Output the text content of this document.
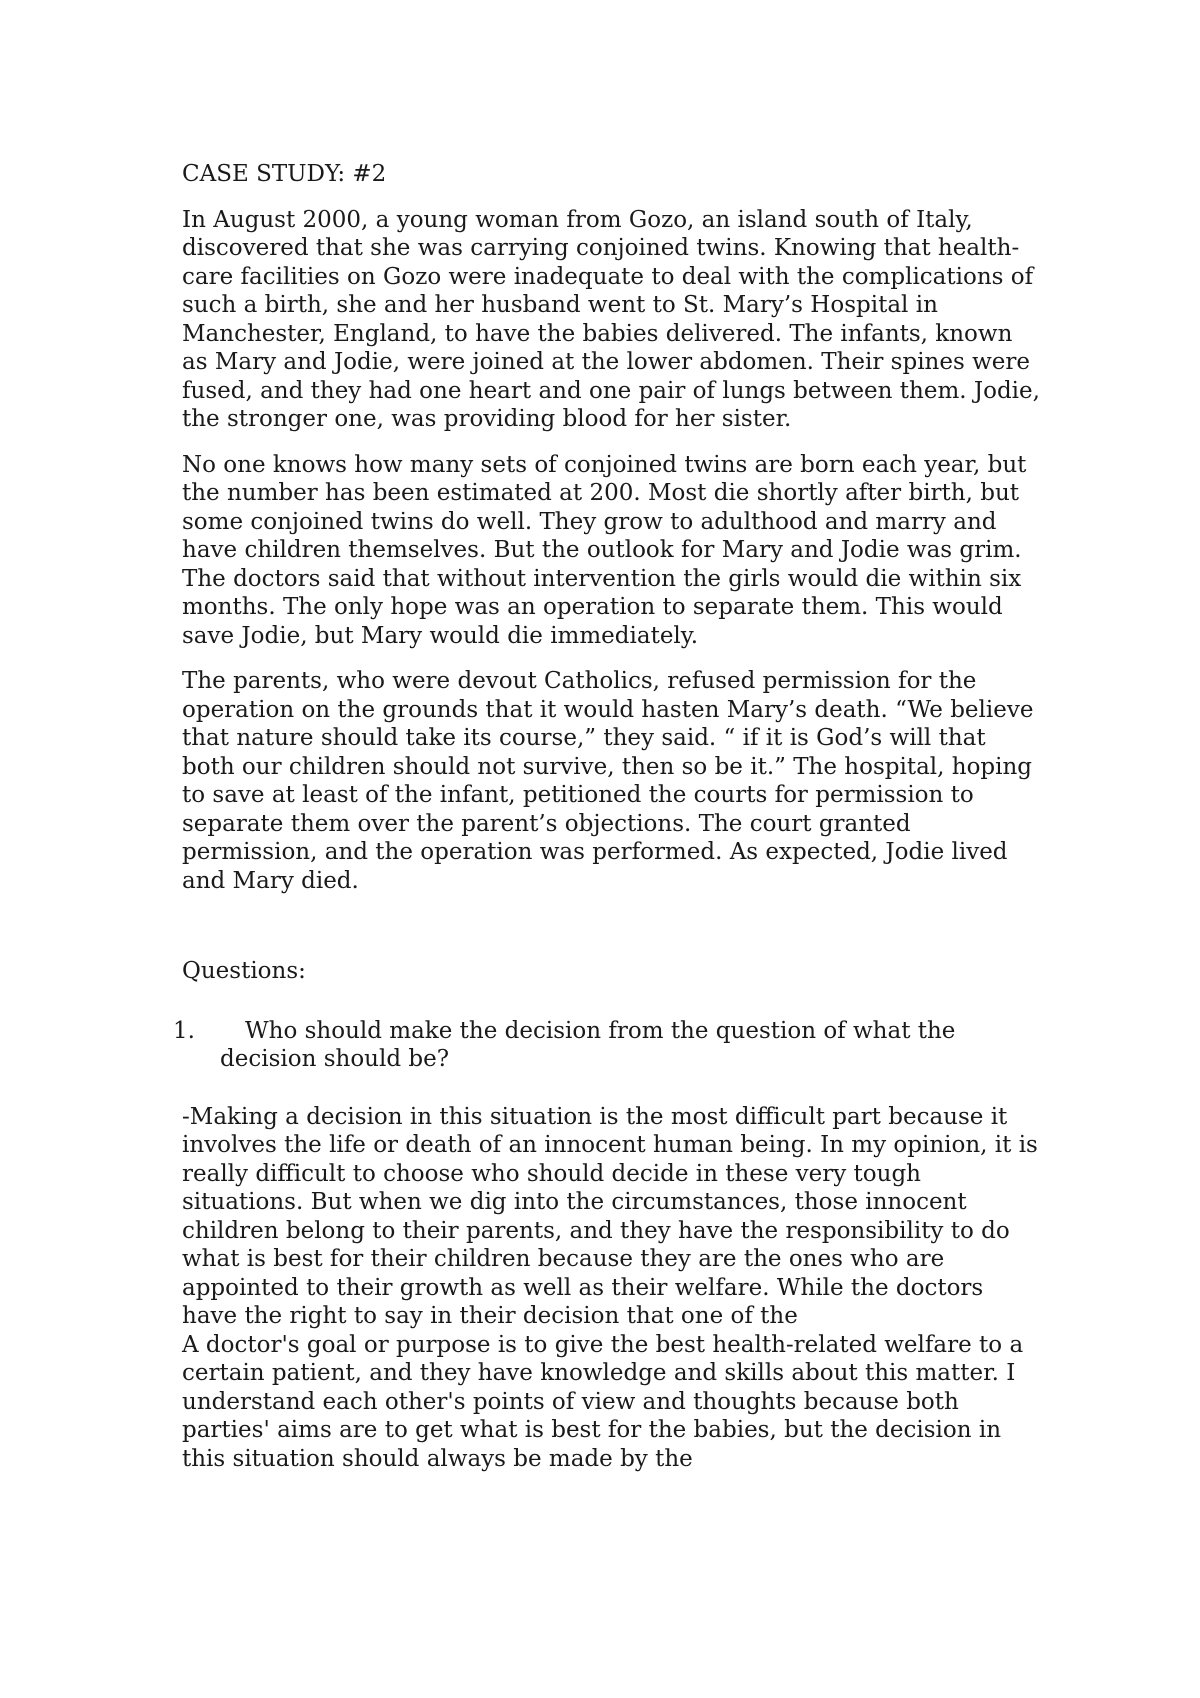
CASE STUDY: #2

In August 2000, a young woman from Gozo, an island south of Italy, discovered that she was carrying conjoined twins. Knowing that health-care facilities on Gozo were inadequate to deal with the complications of such a birth, she and her husband went to St. Mary’s Hospital in Manchester, England, to have the babies delivered. The infants, known as Mary and Jodie, were joined at the lower abdomen. Their spines were fused, and they had one heart and one pair of lungs between them. Jodie, the stronger one, was providing blood for her sister.

No one knows how many sets of conjoined twins are born each year, but the number has been estimated at 200. Most die shortly after birth, but some conjoined twins do well. They grow to adulthood and marry and have children themselves. But the outlook for Mary and Jodie was grim. The doctors said that without intervention the girls would die within six months. The only hope was an operation to separate them. This would save Jodie, but Mary would die immediately.

The parents, who were devout Catholics, refused permission for the operation on the grounds that it would hasten Mary’s death. “We believe that nature should take its course,” they said. “ if it is God’s will that both our children should not survive, then so be it.” The hospital, hoping to save at least of the infant, petitioned the courts for permission to separate them over the parent’s objections. The court granted permission, and the operation was performed. As expected, Jodie lived and Mary died.

Questions:

1.	Who should make the decision from the question of what the decision should be?

-Making a decision in this situation is the most difficult part because it involves the life or death of an innocent human being. In my opinion, it is really difficult to choose who should decide in these very tough situations. But when we dig into the circumstances, those innocent children belong to their parents, and they have the responsibility to do what is best for their children because they are the ones who are appointed to their growth as well as their welfare. While the doctors have the right to say in their decision that one of the

A doctor's goal or purpose is to give the best health-related welfare to a certain patient, and they have knowledge and skills about this matter. I understand each other's points of view and thoughts because both parties' aims are to get what is best for the babies, but the decision in this situation should always be made by the
